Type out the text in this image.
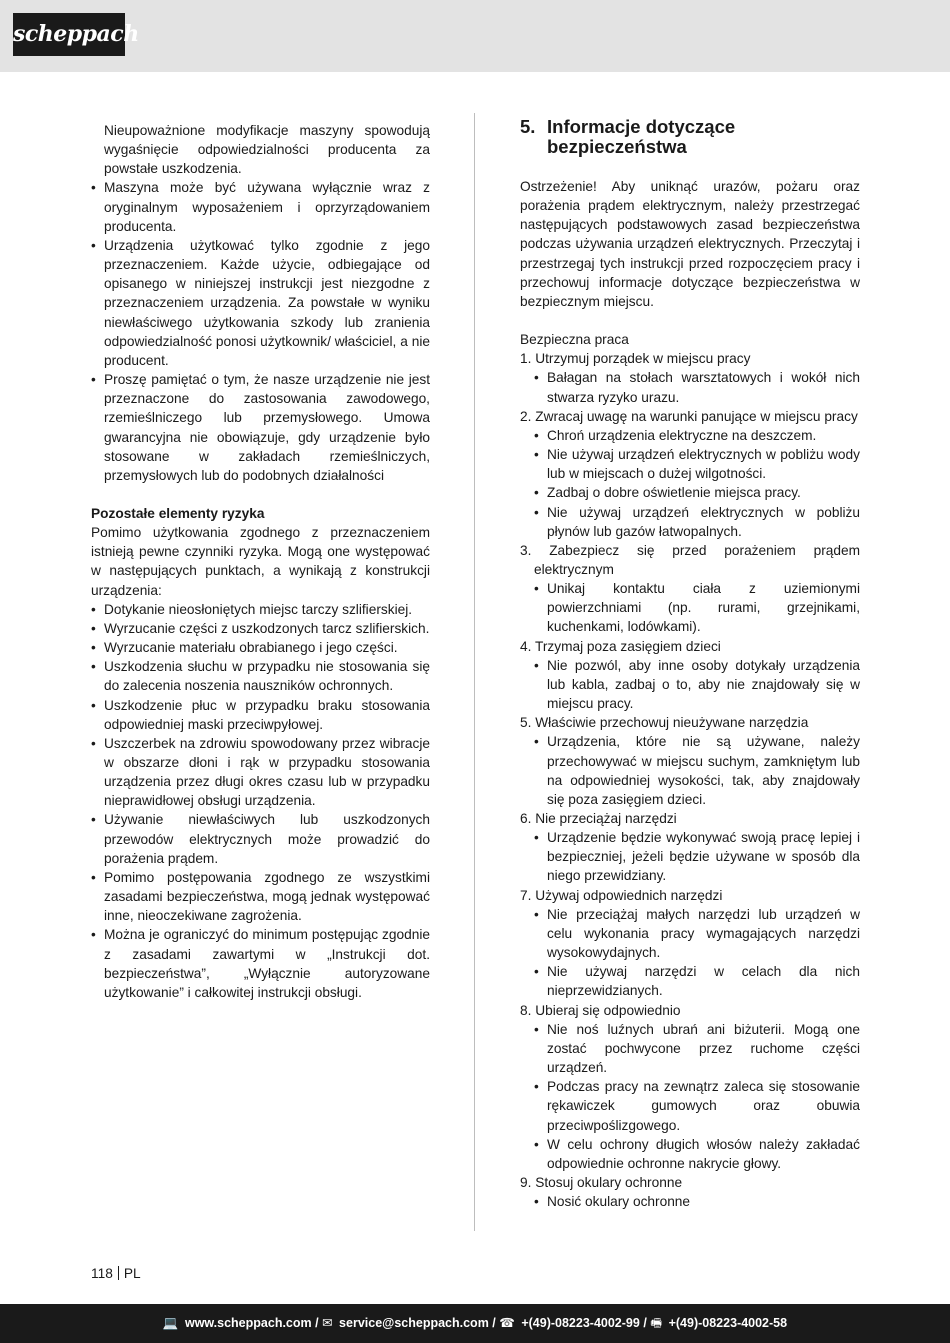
scheppach
Nieupoważnione modyfikacje maszyny spowodują wygaśnięcie odpowiedzialności producenta za powstałe uszkodzenia.
• Maszyna może być używana wyłącznie wraz z oryginalnym wyposażeniem i oprzyrządowaniem producenta.
• Urządzenia użytkować tylko zgodnie z jego przeznaczeniem. Każde użycie, odbiegające od opisanego w niniejszej instrukcji jest niezgodne z przeznaczeniem urządzenia. Za powstałe w wyniku niewłaściwego użytkowania szkody lub zranienia odpowiedzialność ponosi użytkownik/ właściciel, a nie producent.
• Proszę pamiętać o tym, że nasze urządzenie nie jest przeznaczone do zastosowania zawodowego, rzemieślniczego lub przemysłowego. Umowa gwarancyjna nie obowiązuje, gdy urządzenie było stosowane w zakładach rzemieślniczych, przemysłowych lub do podobnych działalności
Pozostałe elementy ryzyka
Pomimo użytkowania zgodnego z przeznaczeniem istnieją pewne czynniki ryzyka. Mogą one występować w następujących punktach, a wynikają z konstrukcji urządzenia:
• Dotykanie nieosłoniętych miejsc tarczy szlifierskiej.
• Wyrzucanie części z uszkodzonych tarcz szlifierskich.
• Wyrzucanie materiału obrabianego i jego części.
• Uszkodzenia słuchu w przypadku nie stosowania się do zalecenia noszenia nauszników ochronnych.
• Uszkodzenie płuc w przypadku braku stosowania odpowiedniej maski przeciwpyłowej.
• Uszczerbek na zdrowiu spowodowany przez wibracje w obszarze dłoni i rąk w przypadku stosowania urządzenia przez długi okres czasu lub w przypadku nieprawidłowej obsługi urządzenia.
• Używanie niewłaściwych lub uszkodzonych przewodów elektrycznych może prowadzić do porażenia prądem.
• Pomimo postępowania zgodnego ze wszystkimi zasadami bezpieczeństwa, mogą jednak występować inne, nieoczekiwane zagrożenia.
• Można je ograniczyć do minimum postępując zgodnie z zasadami zawartymi w „Instrukcji dot. bezpieczeństwa”, „Wyłącznie autoryzowane użytkowanie” i całkowitej instrukcji obsługi.
5. Informacje dotyczące bezpieczeństwa
Ostrzeżenie! Aby uniknąć urazów, pożaru oraz porażenia prądem elektrycznym, należy przestrzegać następujących podstawowych zasad bezpieczeństwa podczas używania urządzeń elektrycznych. Przeczytaj i przestrzegaj tych instrukcji przed rozpoczęciem pracy i przechowuj informacje dotyczące bezpieczeństwa w bezpiecznym miejscu.
Bezpieczna praca
1. Utrzymuj porządek w miejscu pracy
• Bałagan na stołach warsztatowych i wokół nich stwarza ryzyko urazu.
2. Zwracaj uwagę na warunki panujące w miejscu pracy
• Chroń urządzenia elektryczne na deszczem.
• Nie używaj urządzeń elektrycznych w pobliżu wody lub w miejscach o dużej wilgotności.
• Zadbaj o dobre oświetlenie miejsca pracy.
• Nie używaj urządzeń elektrycznych w pobliżu płynów lub gazów łatwopalnych.
3. Zabezpiecz się przed porażeniem prądem elektrycznym
• Unikaj kontaktu ciała z uziemionymi powierzchniami (np. rurami, grzejnikami, kuchenkami, lodówkami).
4. Trzymaj poza zasięgiem dzieci
• Nie pozwól, aby inne osoby dotykały urządzenia lub kabla, zadbaj o to, aby nie znajdowały się w miejscu pracy.
5. Właściwie przechowuj nieużywane narzędzia
• Urządzenia, które nie są używane, należy przechowywać w miejscu suchym, zamkniętym lub na odpowiedniej wysokości, tak, aby znajdowały się poza zasięgiem dzieci.
6. Nie przeciążaj narzędzi
• Urządzenie będzie wykonywać swoją pracę lepiej i bezpieczniej, jeżeli będzie używane w sposób dla niego przewidziany.
7. Używaj odpowiednich narzędzi
• Nie przeciążaj małych narzędzi lub urządzeń w celu wykonania pracy wymagających narzędzi wysokowydajnych.
• Nie używaj narzędzi w celach dla nich nieprzewidzianych.
8. Ubieraj się odpowiednio
• Nie noś luźnych ubrań ani biżuterii. Mogą one zostać pochwycone przez ruchome części urządzeń.
• Podczas pracy na zewnątrz zaleca się stosowanie rękawiczek gumowych oraz obuwia przeciwpoślizgowego.
• W celu ochrony długich włosów należy zakładać odpowiednie ochronne nakrycie głowy.
9. Stosuj okulary ochronne
• Nosić okulary ochronne
118 PL
💻 www.scheppach.com / ✉ service@scheppach.com / ☎ +(49)-08223-4002-99 / 🖷 +(49)-08223-4002-58
